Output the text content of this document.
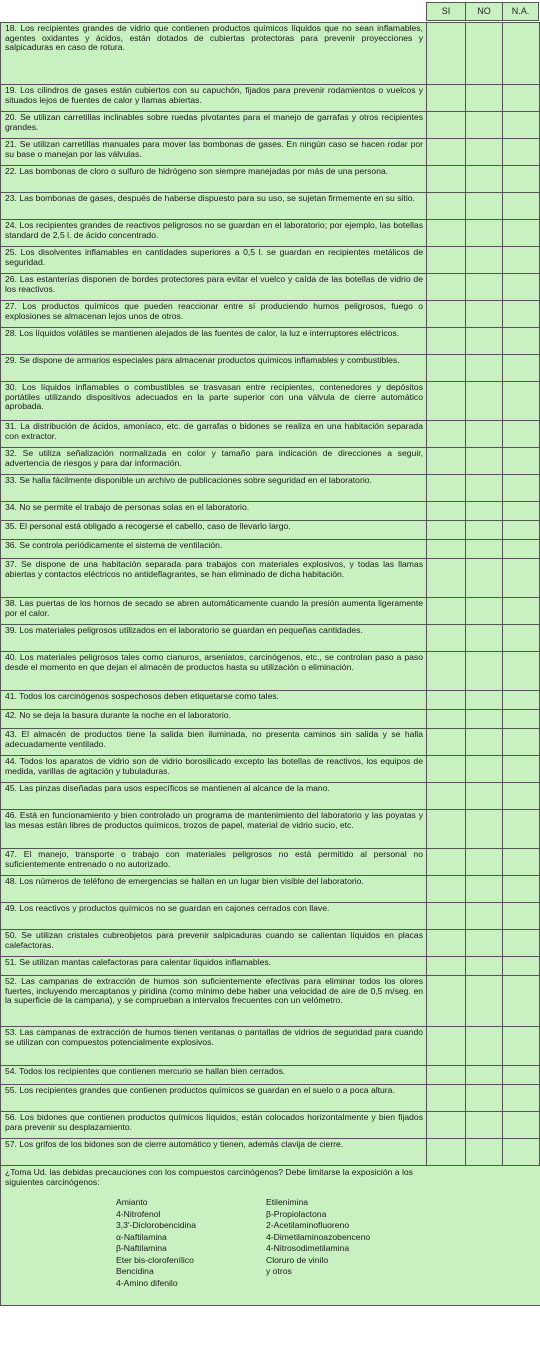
SI	NO	N.A.
18. Los recipientes grandes de vidrio que contienen productos químicos líquidos que no sean inflamables, agentes oxidantes y ácidos, están dotados de cubiertas protectoras para prevenir proyecciones y salpicaduras en caso de rotura.
19. Los cilindros de gases están cubiertos con su capuchón, fijados para prevenir rodamientos o vuelcos y situados lejos de fuentes de calor y llamas abiertas.
20. Se utilizan carretillas inclinables sobre ruedas pivotantes para el manejo de garrafas y otros recipientes grandes.
21. Se utilizan carretillas manuales para mover las bombonas de gases. En ningún caso se hacen rodar por su base o manejan por las válvulas.
22. Las bombonas de cloro o sulfuro de hidrógeno son siempre manejadas por más de una persona.
23. Las bombonas de gases, después de haberse dispuesto para su uso, se sujetan firmemente en su sitio.
24. Los recipientes grandes de reactivos peligrosos no se guardan en el laboratorio; por ejemplo, las botellas standard de 2,5 l. de ácido concentrado.
25. Los disolventes inflamables en cantidades superiores a 0,5 l. se guardan en recipientes metálicos de seguridad.
26. Las estanterías disponen de bordes protectores para evitar el vuelco y caída de las botellas de vidrio de los reactivos.
27. Los productos químicos que pueden reaccionar entre sí produciendo humos peligrosos, fuego o explosiones se almacenan lejos unos de otros.
28. Los líquidos volátiles se mantienen alejados de las fuentes de calor, la luz e interruptores eléctricos.
29. Se dispone de armarios especiales para almacenar productos químicos inflamables y combustibles.
30. Los líquidos inflamables o combustibles se trasvasan entre recipientes, contenedores y depósitos portátiles utilizando dispositivos adecuados en la parte superior con una válvula de cierre automático aprobada.
31. La distribución de ácidos, amoníaco, etc. de garrafas o bidones se realiza en una habitación separada con extractor.
32. Se utiliza señalización normalizada en color y tamaño para indicación de direcciones a seguir, advertencia de riesgos y para dar información.
33. Se halla fácilmente disponible un archivo de publicaciones sobre seguridad en el laboratorio.
34. No se permite el trabajo de personas solas en el laboratorio.
35. El personal está obligado a recogerse el cabello, caso de llevarlo largo.
36. Se controla periódicamente el sistema de ventilación.
37. Se dispone de una habitación separada para trabajos con materiales explosivos, y todas las llamas abiertas y contactos eléctricos no antideflagrantes, se han eliminado de dicha habitación.
38. Las puertas de los hornos de secado se abren automáticamente cuando la presión aumenta ligeramente por el calor.
39. Los materiales peligrosos utilizados en el laboratorio se guardan en pequeñas cantidades.
40. Los materiales peligrosos tales como cianuros, arseniatos, carcinógenos, etc., se controlan paso a paso desde el momento en que dejan el almacén de productos hasta su utilización o eliminación.
41. Todos los carcinógenos sospechosos deben etiquetarse como tales.
42. No se deja la basura durante la noche en el laboratorio.
43. El almacén de productos tiene la salida bien iluminada, no presenta caminos sin salida y se halla adecuadamente ventilado.
44. Todos los aparatos de vidrio son de vidrio borosilicado excepto las botellas de reactivos, los equipos de medida, varillas de agitación y tubuladuras.
45. Las pinzas diseñadas para usos específicos se mantienen al alcance de la mano.
46. Está en funcionamiento y bien controlado un programa de mantenimiento del laboratorio y las poyatas y las mesas están libres de productos químicos, trozos de papel, material de vidrio sucio, etc.
47. El manejo, transporte o trabajo con materiales peligrosos no está permitido al personal no suficientemente entrenado o no autorizado.
48. Los números de teléfono de emergencias se hallan en un lugar bien visible del laboratorio.
49. Los reactivos y productos químicos no se guardan en cajones cerrados con llave.
50. Se utilizan cristales cubreobjetos para prevenir salpicaduras cuando se calientan líquidos en placas calefactoras.
51. Se utilizan mantas calefactoras para calentar líquidos inflamables.
52. Las campanas de extracción de humos son suficientemente efectivas para eliminar todos los olores fuertes, incluyendo mercaptanos y piridina (como mínimo debe haber una velocidad de aire de 0,5 m/seg. en la superficie de la campana), y se comprueban a intervalos frecuentes con un velómetro.
53. Las campanas de extracción de humos tienen ventanas o pantallas de vidrios de seguridad para cuando se utilizan con compuestos potencialmente explosivos.
54. Todos los recipientes que contienen mercurio se hallan bien cerrados.
55. Los recipientes grandes que contienen productos químicos se guardan en el suelo o a poca altura.
56. Los bidones que contienen productos químicos líquidos, están colocados horizontalmente y bien fijados para prevenir su desplazamiento.
57. Los grifos de los bidones son de cierre automático y tienen, además clavija de cierre.
¿Toma Ud. las debidas precauciones con los compuestos carcinógenos? Debe limitarse la exposición a los siguientes carcinógenos:
Amianto
4-Nitrofenol
3,3'-Diclorobencidina
α-Naftilamina
β-Naftilamina
Eter bis-clorofenílico
Bencidina
4-Amino difenilo
Etilenimina
β-Propiolactona
2-Acetilaminofluoreno
4-Dimetilaminoazobenceno
4-Nitrosodimetilamina
Cloruro de vinilo
y otros
